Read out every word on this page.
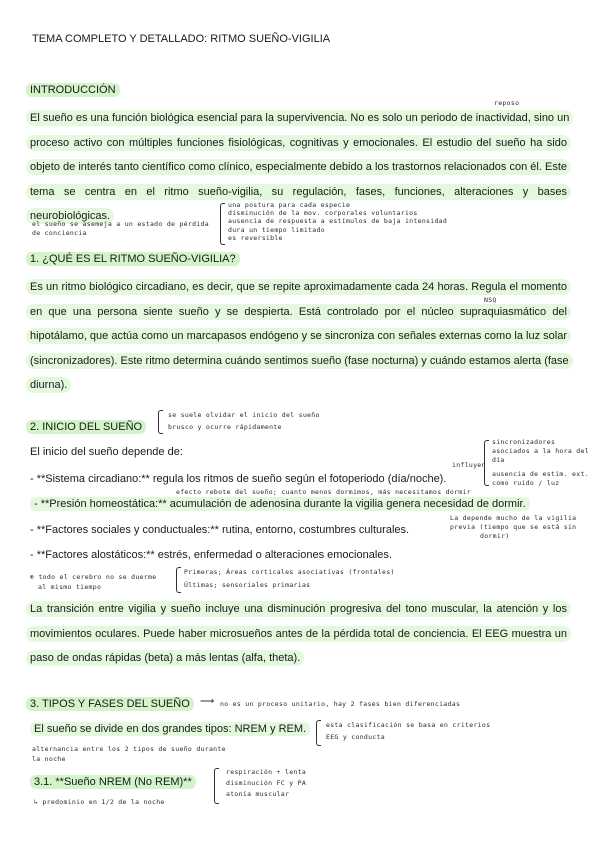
TEMA COMPLETO Y DETALLADO: RITMO SUEÑO-VIGILIA
INTRODUCCIÓN
reposo
El sueño es una función biológica esencial para la supervivencia. No es solo un periodo de inactividad, sino un proceso activo con múltiples funciones fisiológicas, cognitivas y emocionales. El estudio del sueño ha sido objeto de interés tanto científico como clínico, especialmente debido a los trastornos relacionados con él. Este tema se centra en el ritmo sueño-vigilia, su regulación, fases, funciones, alteraciones y bases neurobiológicas.
el sueño se asemeja a un estado de pérdida de conciencia
una postura para cada especie
disminución de la mov. corporales voluntarios
ausencia de respuesta a estímulos de baja intensidad
dura un tiempo limitado
es reversible
1. ¿QUÉ ES EL RITMO SUEÑO-VIGILIA?
NSQ
Es un ritmo biológico circadiano, es decir, que se repite aproximadamente cada 24 horas. Regula el momento en que una persona siente sueño y se despierta. Está controlado por el núcleo supraquiasmático del hipotálamo, que actúa como un marcapasos endógeno y se sincroniza con señales externas como la luz solar (sincronizadores). Este ritmo determina cuándo sentimos sueño (fase nocturna) y cuándo estamos alerta (fase diurna).
2. INICIO DEL SUEÑO
se suele olvidar el inicio del sueño
brusco y ocurre rápidamente
El inicio del sueño depende de:
- **Sistema circadiano:** regula los ritmos de sueño según el fotoperiodo (día/noche).
efecto rebote del sueño; cuanto menos dormimos, más necesitamos dormir
- **Presión homeostática:** acumulación de adenosina durante la vigilia genera necesidad de dormir.
- **Factores sociales y conductuales:** rutina, entorno, costumbres culturales.
- **Factores alostáticos:** estrés, enfermedad o alteraciones emocionales.
influyen
sincronizadores asociados a la hora del día
ausencia de estim. ext.
como ruido / luz
La depende mucho de la vigilia
previa (tiempo que se está sin
dormir)
⊕ todo el cerebro no se duerme
al mismo tiempo
Primeras; Áreas corticales asociativas (frontales)
Últimas; sensoriales primarias
La transición entre vigilia y sueño incluye una disminución progresiva del tono muscular, la atención y los movimientos oculares. Puede haber microsueños antes de la pérdida total de conciencia. El EEG muestra un paso de ondas rápidas (beta) a más lentas (alfa, theta).
3. TIPOS Y FASES DEL SUEÑO	⟶ no es un proceso unitario, hay 2 fases bien diferenciadas
El sueño se divide en dos grandes tipos: NREM y REM.	esta clasificación se basa en criterios
EEG y conducta
alternancia entre los 2 tipos de sueño durante
la noche
3.1. **Sueño NREM (No REM)**
↳ predominio en 1/2 de la noche
respiración + lenta
disminución FC y PA
atonía muscular
